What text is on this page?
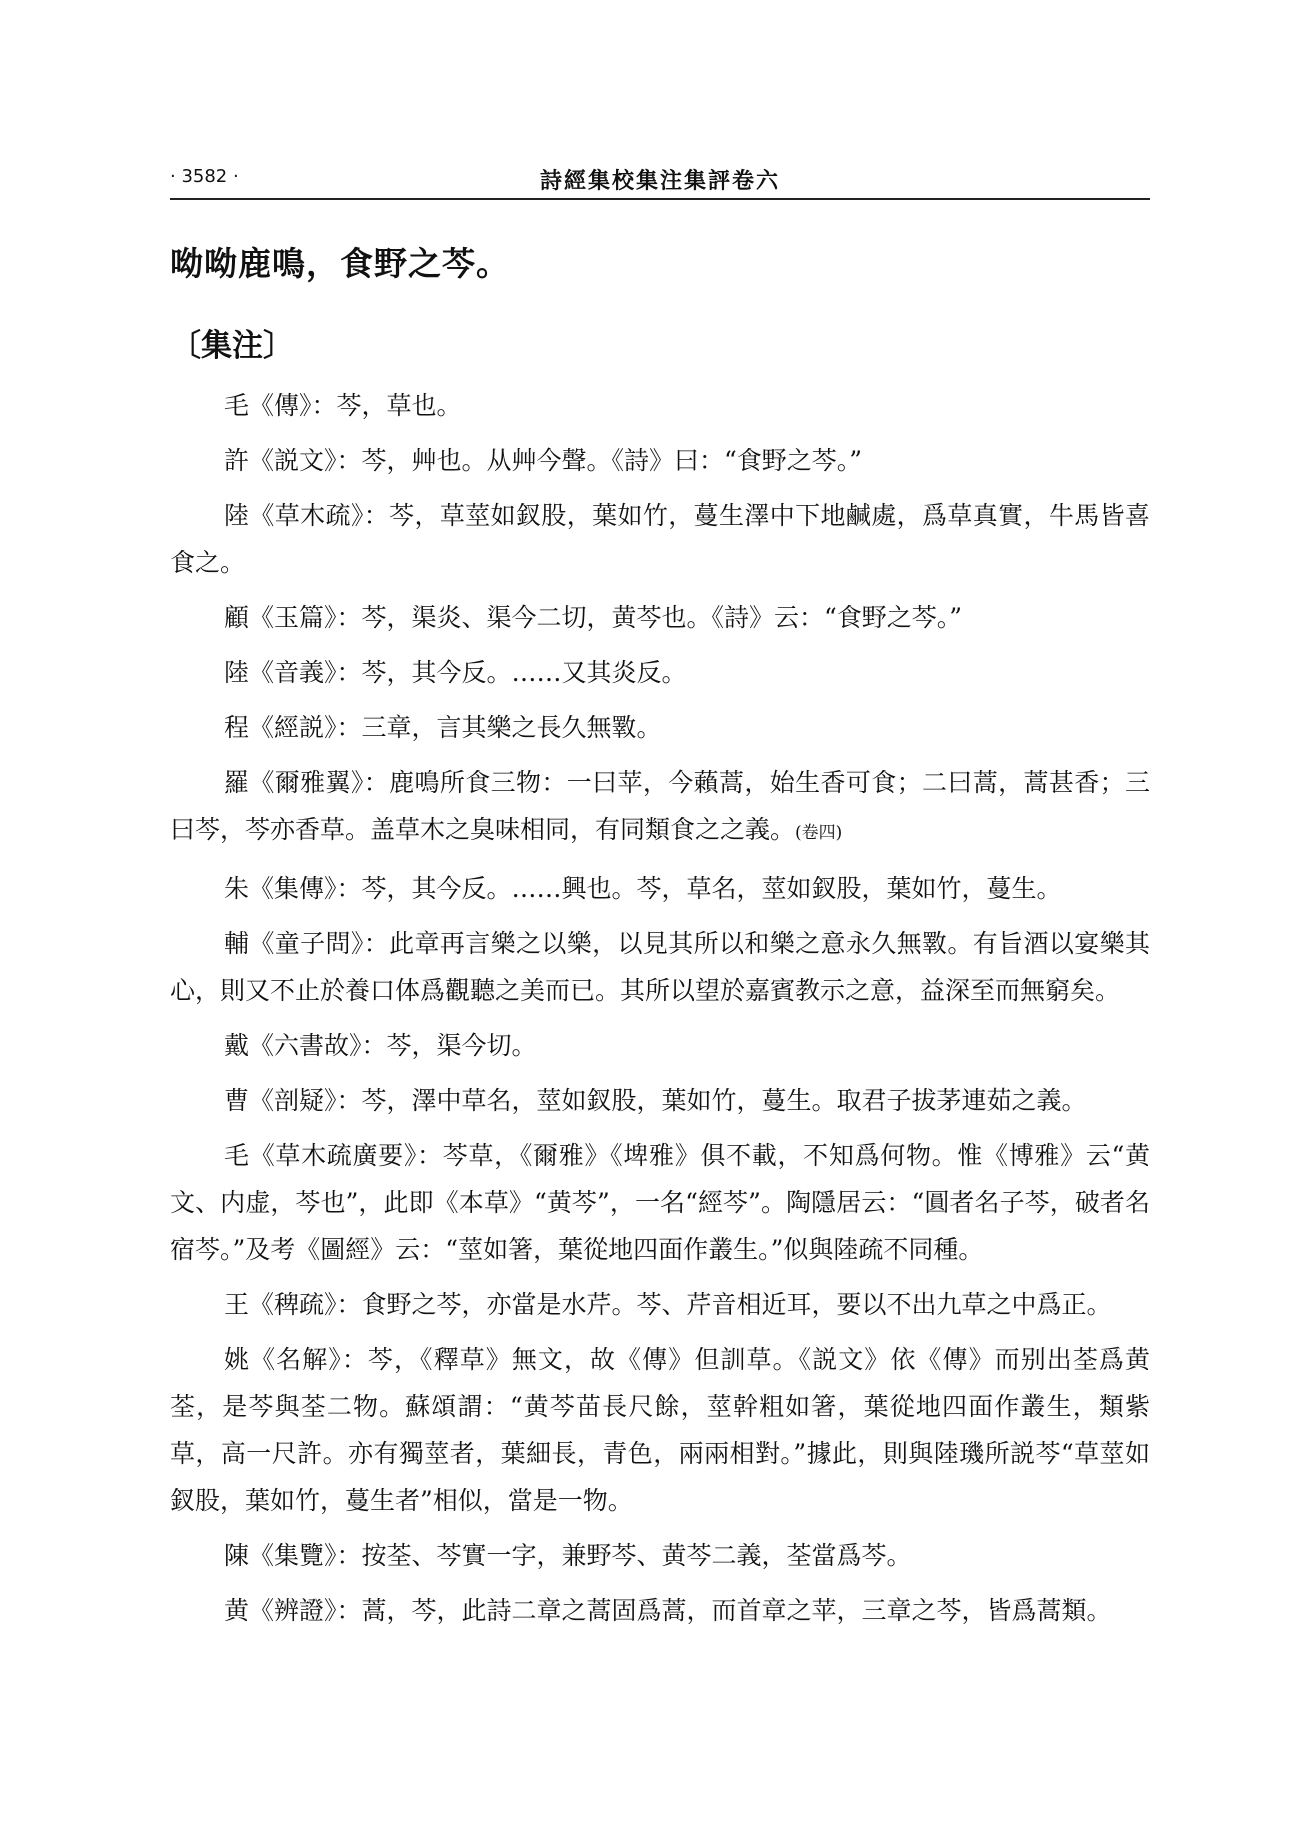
· 3582 ·	詩經集校集注集評卷六
呦呦鹿鳴，食野之芩。
〔集注〕

毛《傳》：芩，草也。

許《説文》：芩，艸也。从艸今聲。《詩》曰：“食野之芩。”

陸《草木疏》：芩，草莖如釵股，葉如竹，蔓生澤中下地鹹處，爲草真實，牛馬皆喜食之。

顧《玉篇》：芩，渠炎、渠今二切，黄芩也。《詩》云：“食野之芩。”

陸《音義》：芩，其今反。……又其炎反。

程《經説》：三章，言其樂之長久無斁。

羅《爾雅翼》：鹿鳴所食三物：一曰苹，今藾蒿，始生香可食；二曰蒿，蒿甚香；三曰芩，芩亦香草。盖草木之臭味相同，有同類食之之義。(卷四)

朱《集傳》：芩，其今反。……興也。芩，草名，莖如釵股，葉如竹，蔓生。

輔《童子問》：此章再言樂之以樂，以見其所以和樂之意永久無斁。有旨酒以宴樂其心，則又不止於養口体爲觀聽之美而已。其所以望於嘉賓教示之意，益深至而無窮矣。

戴《六書故》：芩，渠今切。

曹《剖疑》：芩，澤中草名，莖如釵股，葉如竹，蔓生。取君子拔茅連茹之義。

毛《草木疏廣要》：芩草，《爾雅》《埤雅》俱不載，不知爲何物。惟《博雅》云“黄文、内虚，芩也”，此即《本草》“黄芩”，一名“經芩”。陶隱居云：“圓者名子芩，破者名宿芩。”及考《圖經》云：“莖如箸，葉從地四面作叢生。”似與陸疏不同種。

王《稗疏》：食野之芩，亦當是水芹。芩、芹音相近耳，要以不出九草之中爲正。

姚《名解》：芩，《釋草》無文，故《傳》但訓草。《説文》依《傳》而别出荃爲黄荃，是芩與荃二物。蘇頌謂：“黄芩苗長尺餘，莖幹粗如箸，葉從地四面作叢生，類紫草，高一尺許。亦有獨莖者，葉細長，青色，兩兩相對。”據此，則與陸璣所説芩“草莖如釵股，葉如竹，蔓生者”相似，當是一物。

陳《集覽》：按荃、芩實一字，兼野芩、黄芩二義，荃當爲芩。

黄《辨證》：蒿，芩，此詩二章之蒿固爲蒿，而首章之苹，三章之芩，皆爲蒿類。
